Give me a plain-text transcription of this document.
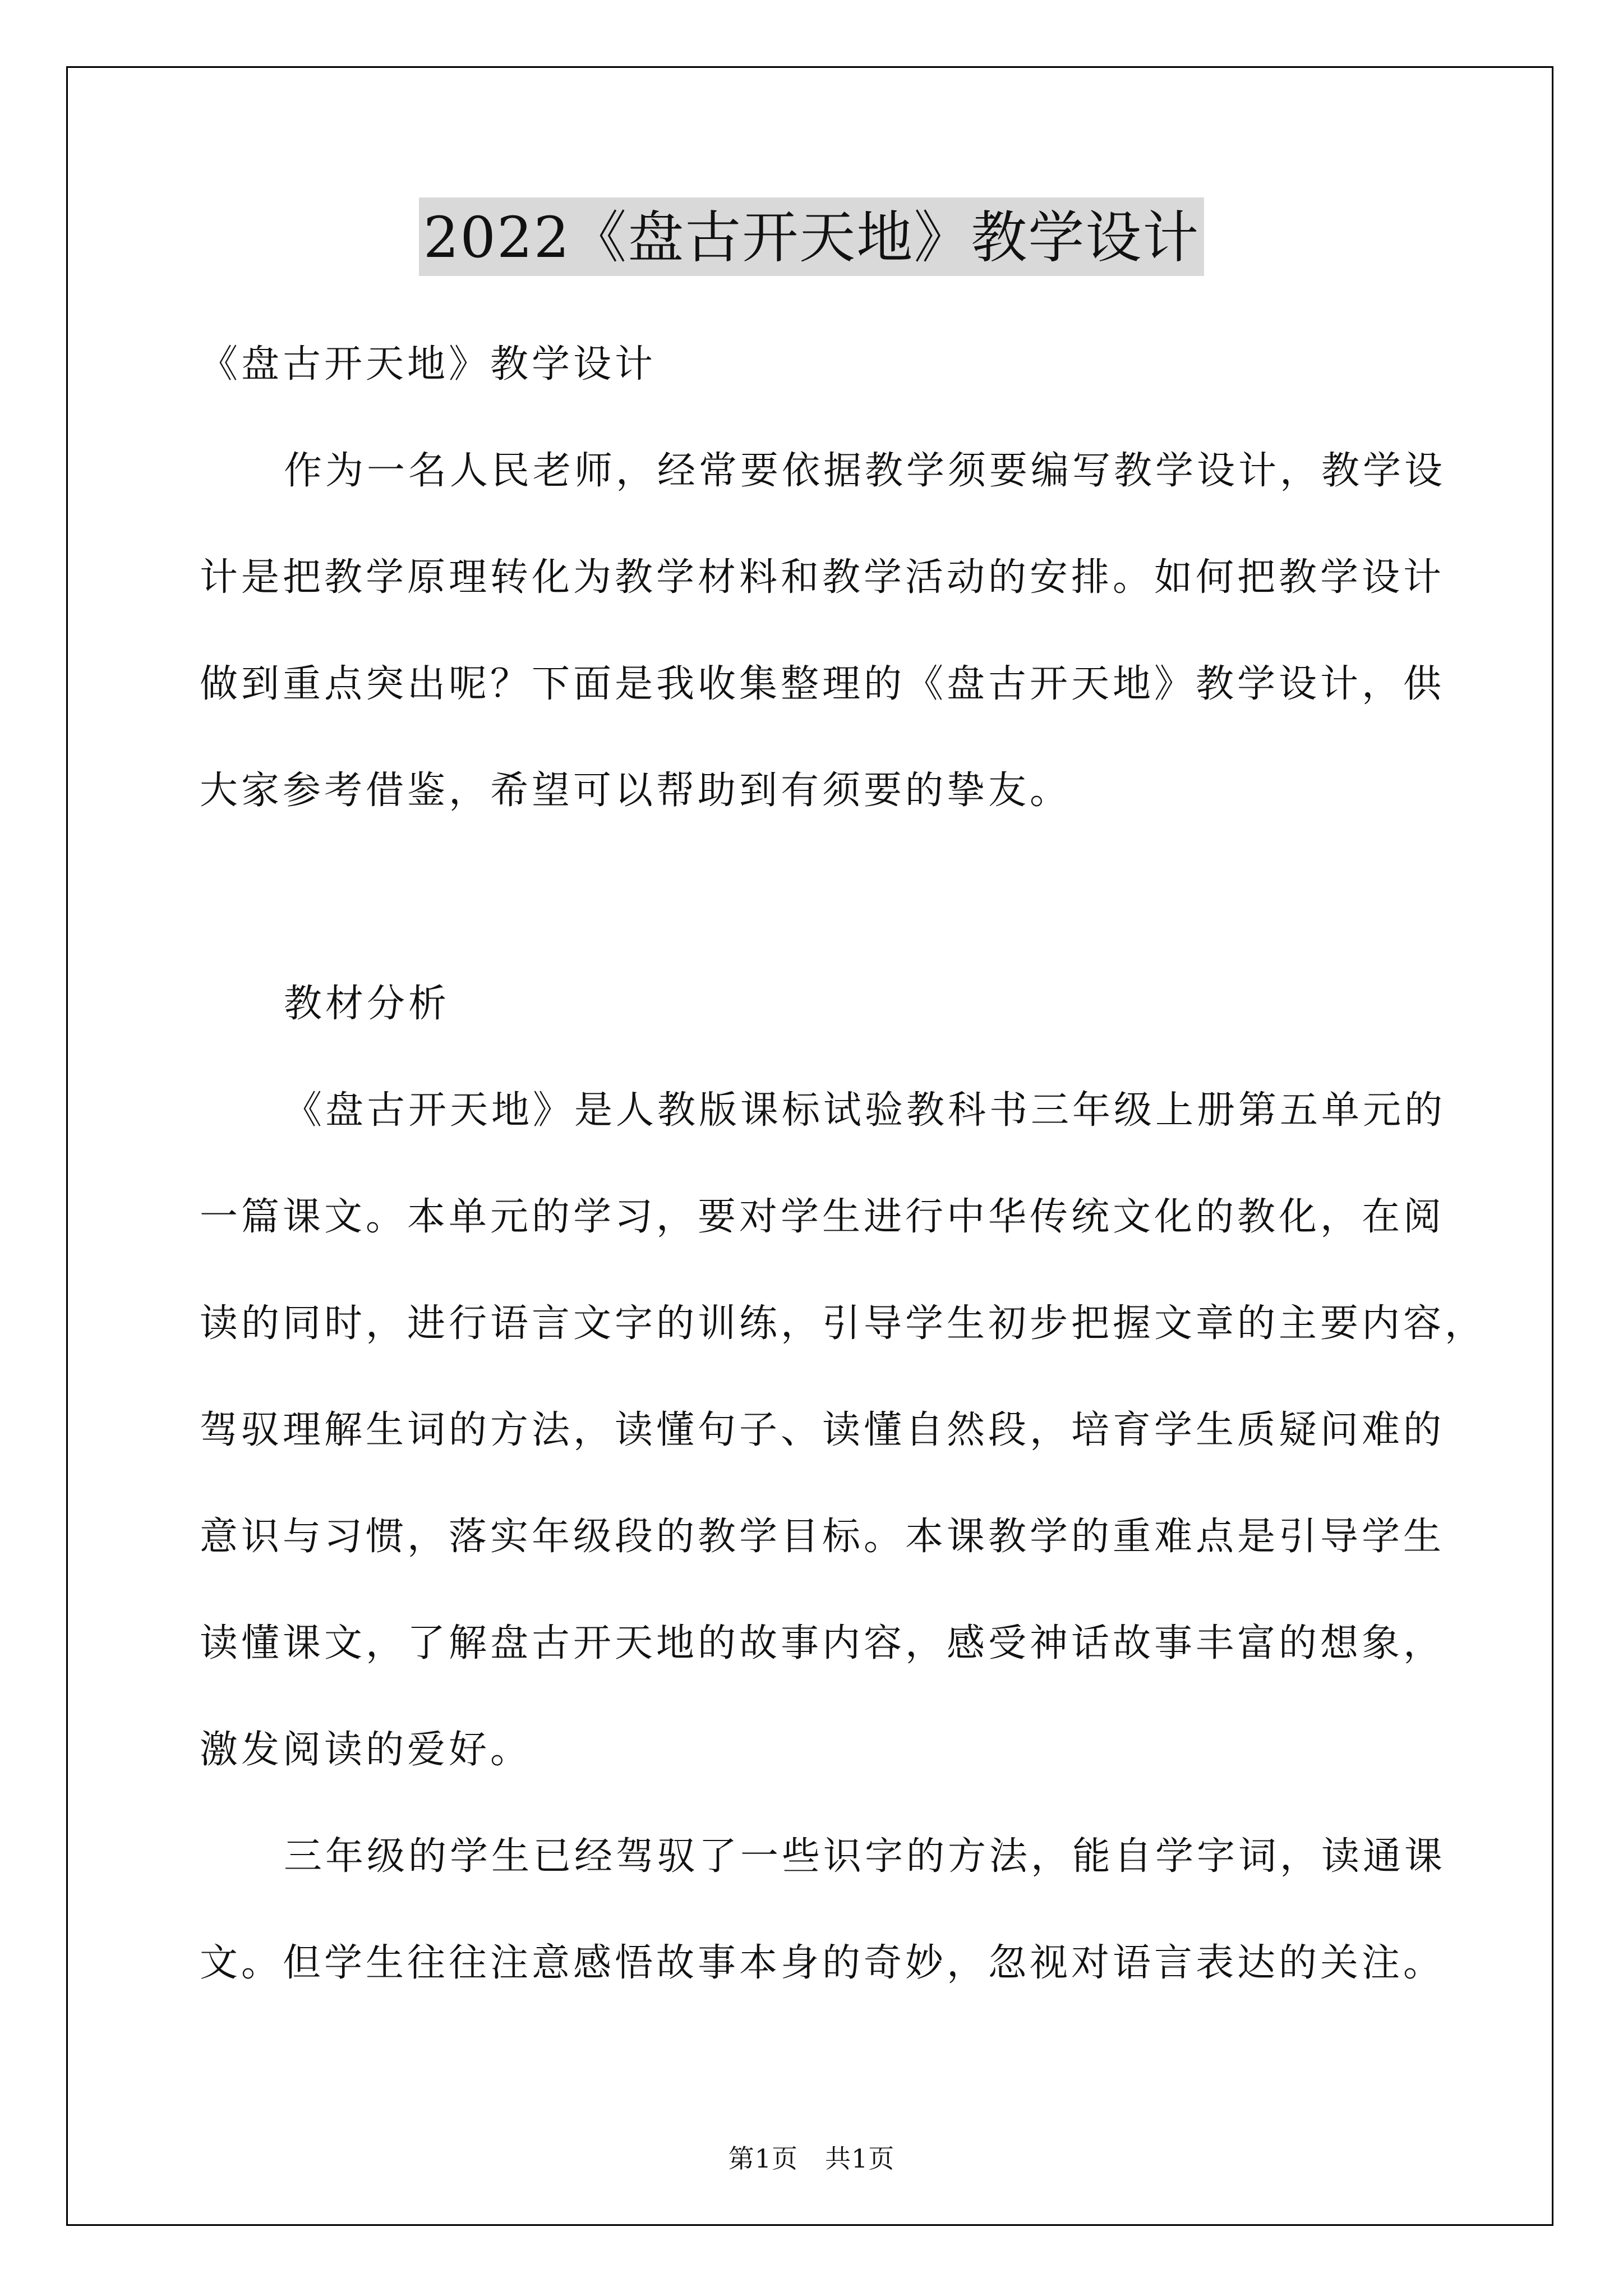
2022《盘古开天地》教学设计
《盘古开天地》教学设计
作为一名人民老师，经常要依据教学须要编写教学设计，教学设
计是把教学原理转化为教学材料和教学活动的安排。如何把教学设计
做到重点突出呢？下面是我收集整理的《盘古开天地》教学设计，供
大家参考借鉴，希望可以帮助到有须要的挚友。
教材分析
《盘古开天地》是人教版课标试验教科书三年级上册第五单元的
一篇课文。本单元的学习，要对学生进行中华传统文化的教化，在阅
读的同时，进行语言文字的训练，引导学生初步把握文章的主要内容，
驾驭理解生词的方法，读懂句子、读懂自然段，培育学生质疑问难的
意识与习惯，落实年级段的教学目标。本课教学的重难点是引导学生
读懂课文，了解盘古开天地的故事内容，感受神话故事丰富的想象，
激发阅读的爱好。
三年级的学生已经驾驭了一些识字的方法，能自学字词，读通课
文。但学生往往注意感悟故事本身的奇妙，忽视对语言表达的关注。
第1页 共1页
